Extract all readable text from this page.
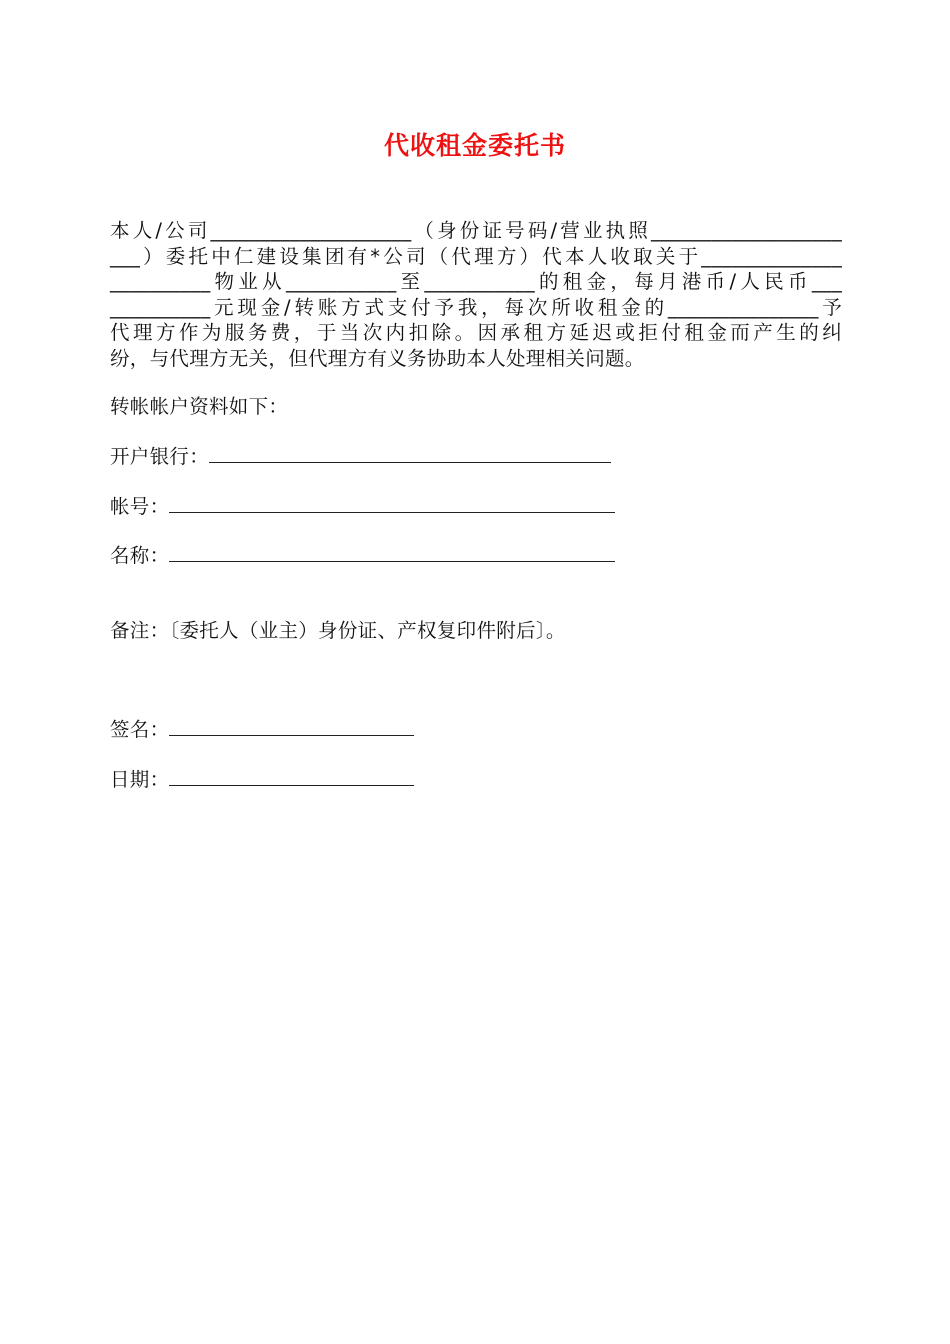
代收租金委托书
本人/公司____________________（身份证号码/营业执照___________________
___）委托中仁建设集团有*公司（代理方）代本人收取关于______________
__________物业从___________至___________的租金，每月港币/人民币___
__________元现金/转账方式支付予我，每次所收租金的_______________予
代理方作为服务费，于当次内扣除。因承租方延迟或拒付租金而产生的纠
纷，与代理方无关，但代理方有义务协助本人处理相关问题。
转帐帐户资料如下：
开户银行：
帐号：
名称：
备注：〔委托人（业主）身份证、产权复印件附后〕。
签名：
日期：
